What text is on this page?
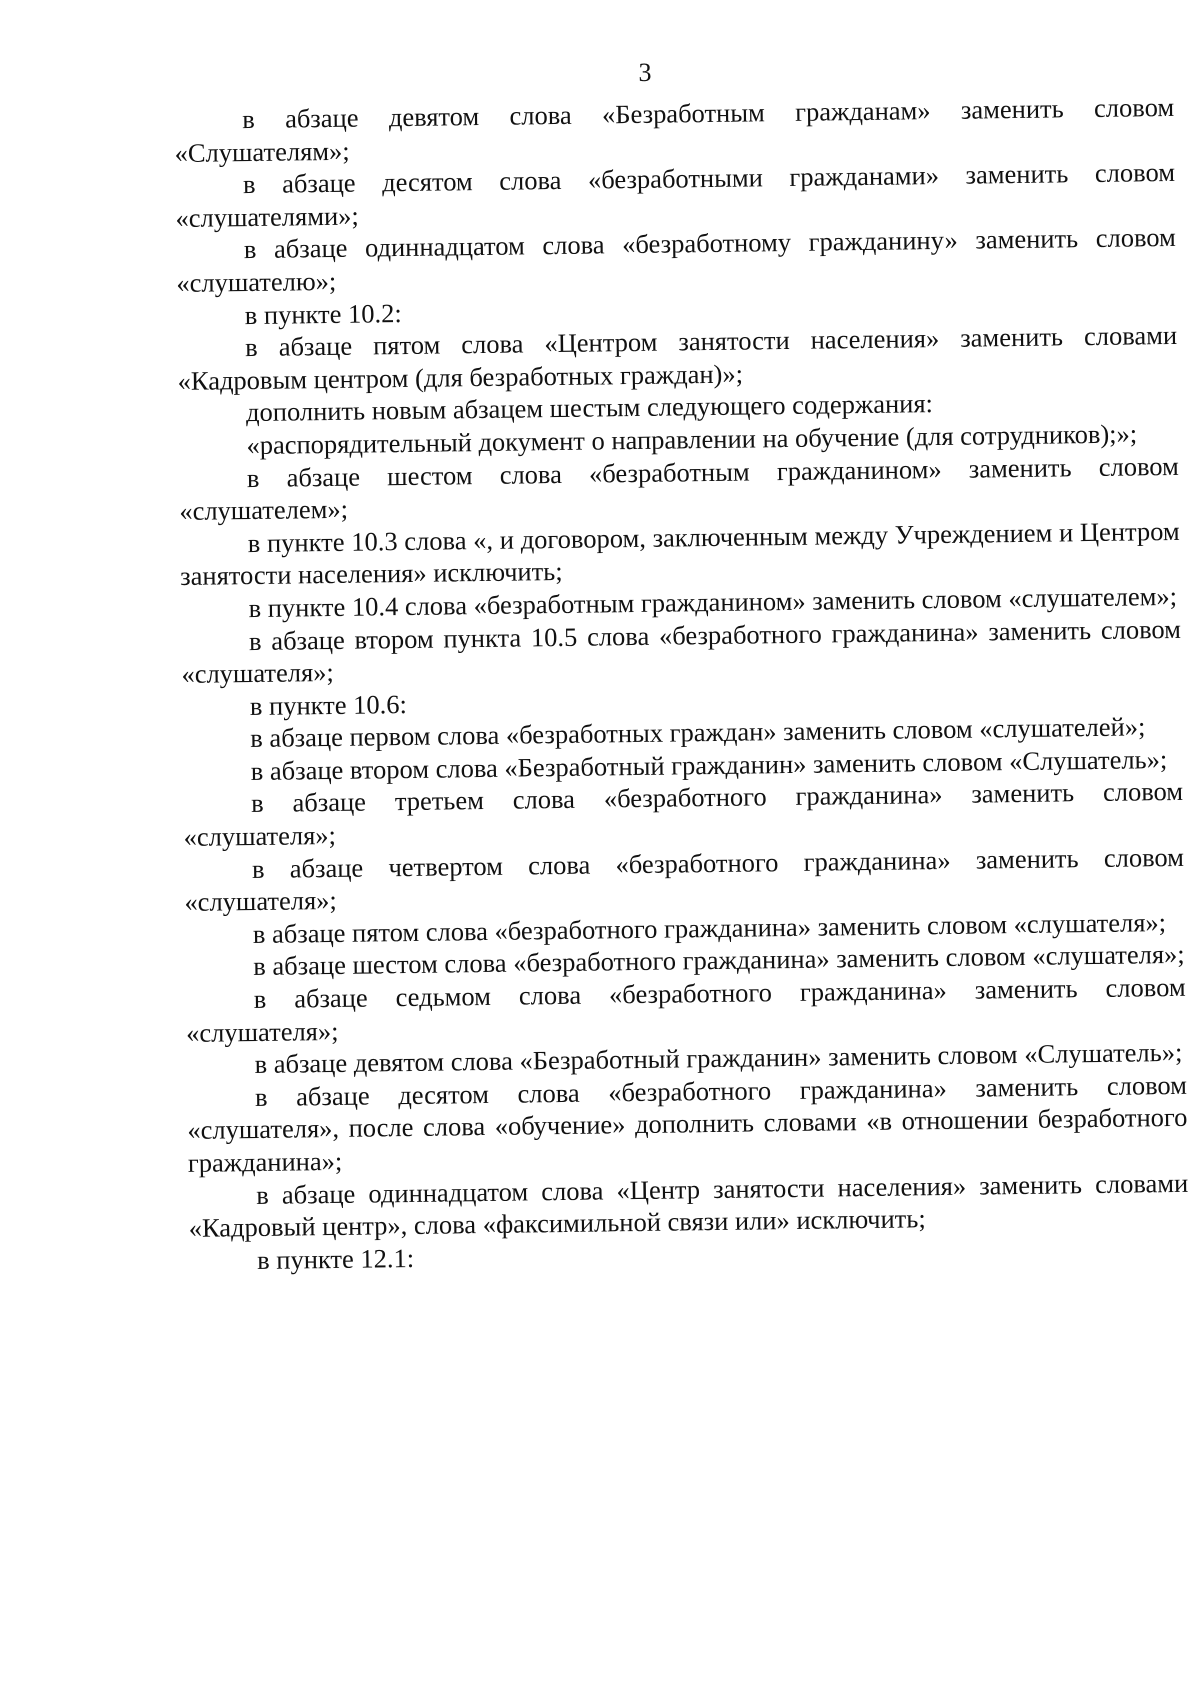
3

в абзаце девятом слова «Безработным гражданам» заменить словом «Слушателям»;

в абзаце десятом слова «безработными гражданами» заменить словом «слушателями»;

в абзаце одиннадцатом слова «безработному гражданину» заменить словом «слушателю»;

в пункте 10.2:

в абзаце пятом слова «Центром занятости населения» заменить словами «Кадровым центром (для безработных граждан)»;

дополнить новым абзацем шестым следующего содержания:

«распорядительный документ о направлении на обучение (для сотрудников);»;

в абзаце шестом слова «безработным гражданином» заменить словом «слушателем»;

в пункте 10.3 слова «, и договором, заключенным между Учреждением и Центром занятости населения» исключить;

в пункте 10.4 слова «безработным гражданином» заменить словом «слушателем»;

в абзаце втором пункта 10.5 слова «безработного гражданина» заменить словом «слушателя»;

в пункте 10.6:

в абзаце первом слова «безработных граждан» заменить словом «слушателей»;

в абзаце втором слова «Безработный гражданин» заменить словом «Слушатель»;

в абзаце третьем слова «безработного гражданина» заменить словом «слушателя»;

в абзаце четвертом слова «безработного гражданина» заменить словом «слушателя»;

в абзаце пятом слова «безработного гражданина» заменить словом «слушателя»;

в абзаце шестом слова «безработного гражданина» заменить словом «слушателя»;

в абзаце седьмом слова «безработного гражданина» заменить словом «слушателя»;

в абзаце девятом слова «Безработный гражданин» заменить словом «Слушатель»;

в абзаце десятом слова «безработного гражданина» заменить словом «слушателя», после слова «обучение» дополнить словами «в отношении безработного гражданина»;

в абзаце одиннадцатом слова «Центр занятости населения» заменить словами «Кадровый центр», слова «факсимильной связи или» исключить;

в пункте 12.1:
